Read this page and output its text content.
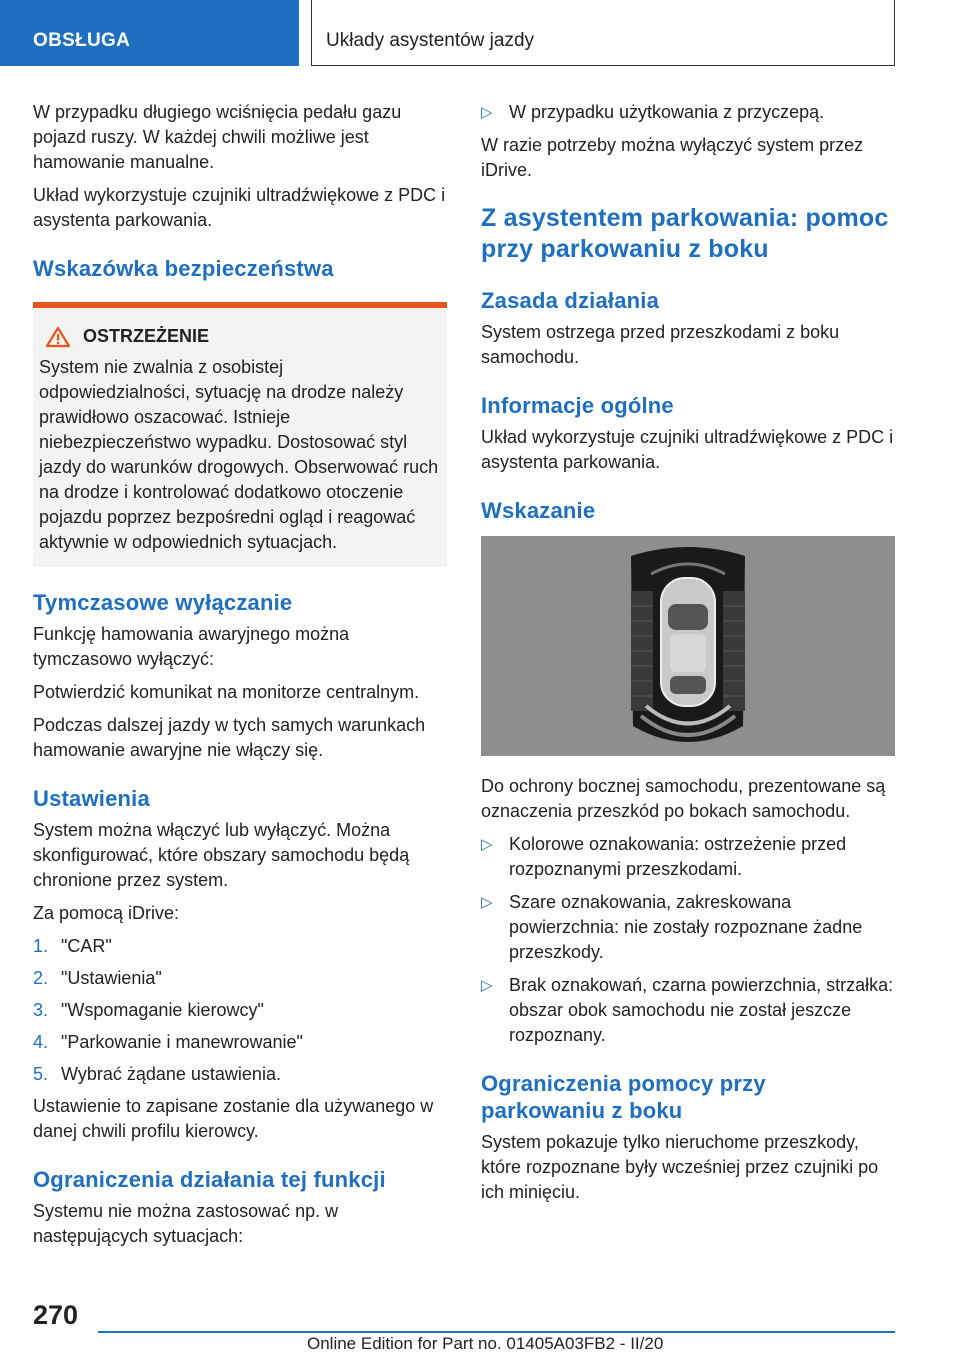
OBSŁUGA	Układy asystentów jazdy

W przypadku długiego wciśnięcia pedału gazu pojazd ruszy. W każdej chwili możliwe jest hamowanie manualne.

Układ wykorzystuje czujniki ultradźwiękowe z PDC i asystenta parkowania.

Wskazówka bezpieczeństwa
OSTRZEŻENIE
System nie zwalnia z osobistej odpowiedzialności, sytuację na drodze należy prawidłowo oszacować. Istnieje niebezpieczeństwo wypadku. Dostosować styl jazdy do warunków drogowych. Obserwować ruch na drodze i kontrolować dodatkowo otoczenie pojazdu poprzez bezpośredni ogląd i reagować aktywnie w odpowiednich sytuacjach.
Tymczasowe wyłączanie

Funkcję hamowania awaryjnego można tymczasowo wyłączyć:

Potwierdzić komunikat na monitorze centralnym.

Podczas dalszej jazdy w tych samych warunkach hamowanie awaryjne nie włączy się.

Ustawienia

System można włączyć lub wyłączyć. Można skonfigurować, które obszary samochodu będą chronione przez system.

Za pomocą iDrive:

1. "CAR"
2. "Ustawienia"
3. "Wspomaganie kierowcy"
4. "Parkowanie i manewrowanie"
5. Wybrać żądane ustawienia.

Ustawienie to zapisane zostanie dla używanego w danej chwili profilu kierowcy.

Ograniczenia działania tej funkcji

Systemu nie można zastosować np. w następujących sytuacjach:

▷ W przypadku użytkowania z przyczepą.

W razie potrzeby można wyłączyć system przez iDrive.

Z asystentem parkowania: pomoc przy parkowaniu z boku
Zasada działania

System ostrzega przed przeszkodami z boku samochodu.

Informacje ogólne

Układ wykorzystuje czujniki ultradźwiękowe z PDC i asystenta parkowania.

Wskazanie

Do ochrony bocznej samochodu, prezentowane są oznaczenia przeszkód po bokach samochodu.

▷ Kolorowe oznakowania: ostrzeżenie przed rozpoznanymi przeszkodami.
▷ Szare oznakowania, zakreskowana powierzchnia: nie zostały rozpoznane żadne przeszkody.
▷ Brak oznakowań, czarna powierzchnia, strzałka: obszar obok samochodu nie został jeszcze rozpoznany.
Ograniczenia pomocy przy parkowaniu z boku

System pokazuje tylko nieruchome przeszkody, które rozpoznane były wcześniej przez czujniki po ich minięciu.

270
Online Edition for Part no. 01405A03FB2 - II/20
